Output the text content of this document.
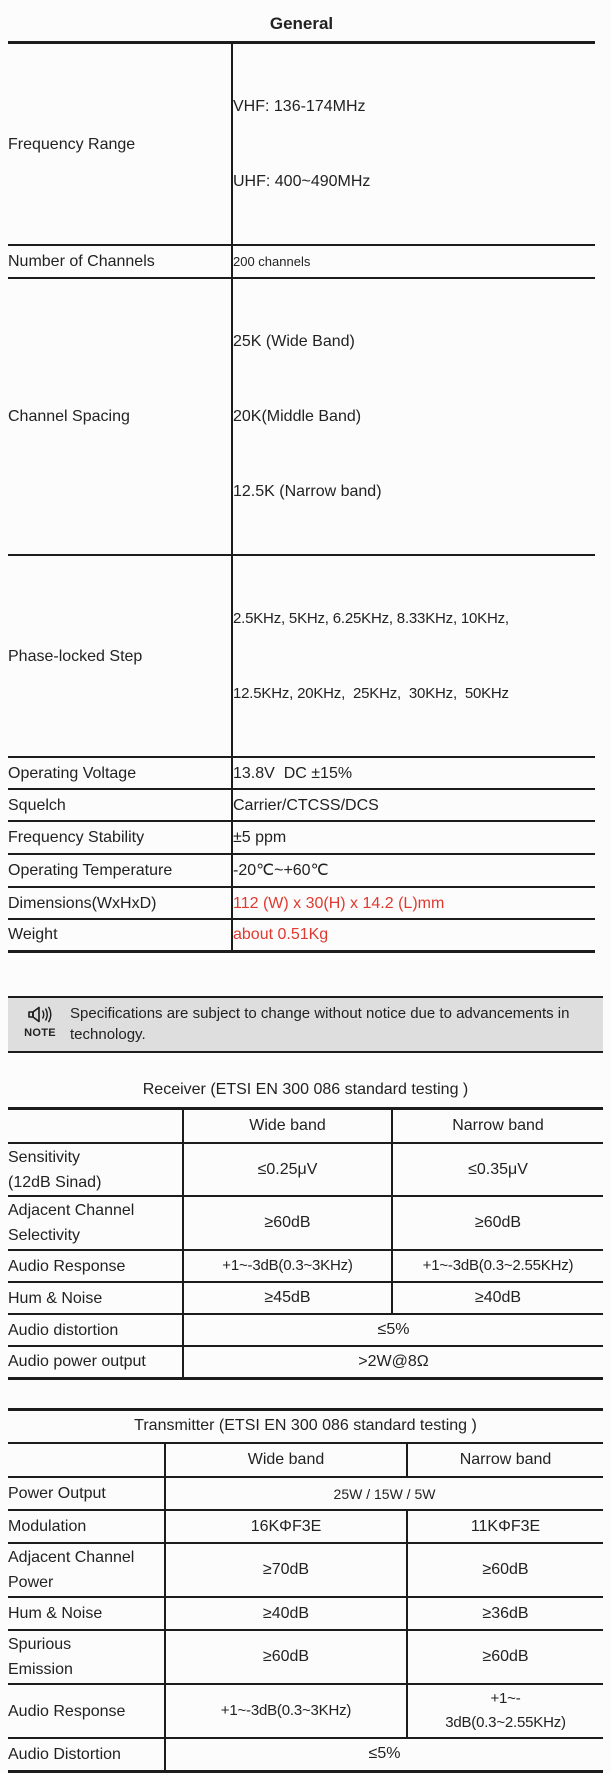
General
Frequency Range	VHF: 136-174MHz

UHF: 400~490MHz

Number of Channels	200 channels
Channel Spacing	25K (Wide Band)

20K(Middle Band)

12.5K (Narrow band)

Phase-locked Step	2.5KHz, 5KHz, 6.25KHz, 8.33KHz, 10KHz,

12.5KHz, 20KHz,  25KHz,  30KHz,  50KHz

Operating Voltage	13.8V  DC ±15%
Squelch	Carrier/CTCSS/DCS
Frequency Stability	±5 ppm
Operating Temperature	-20℃~+60℃
Dimensions(WxHxD)	112 (W) x 30(H) x 14.2 (L)mm
Weight	about 0.51Kg
NOTE
Specifications are subject to change without notice due to advancements in technology.
Receiver (ETSI EN 300 086 standard testing )
	Wide band	Narrow band

Sensitivity
(12dB Sinad)	≤0.25μV	≤0.35μV

Adjacent Channel
Selectivity	≥60dB	≥60dB
Audio Response	+1~-3dB(0.3~3KHz)	+1~-3dB(0.3~2.55KHz)
Hum & Noise	≥45dB	≥40dB
Audio distortion	≤5%	
Audio power output	>2W@8Ω	
Transmitter (ETSI EN 300 086 standard testing )		
	Wide band	Narrow band
Power Output	25W / 15W / 5W	
Modulation	16KΦF3E	11KΦF3E

Adjacent Channel
Power	≥70dB	≥60dB
Hum & Noise	≥40dB	≥36dB

Spurious
Emission	≥60dB	≥60dB
Audio Response	+1~-3dB(0.3~3KHz)	+1~-
3dB(0.3~2.55KHz)

Audio Distortion	≤5%	
